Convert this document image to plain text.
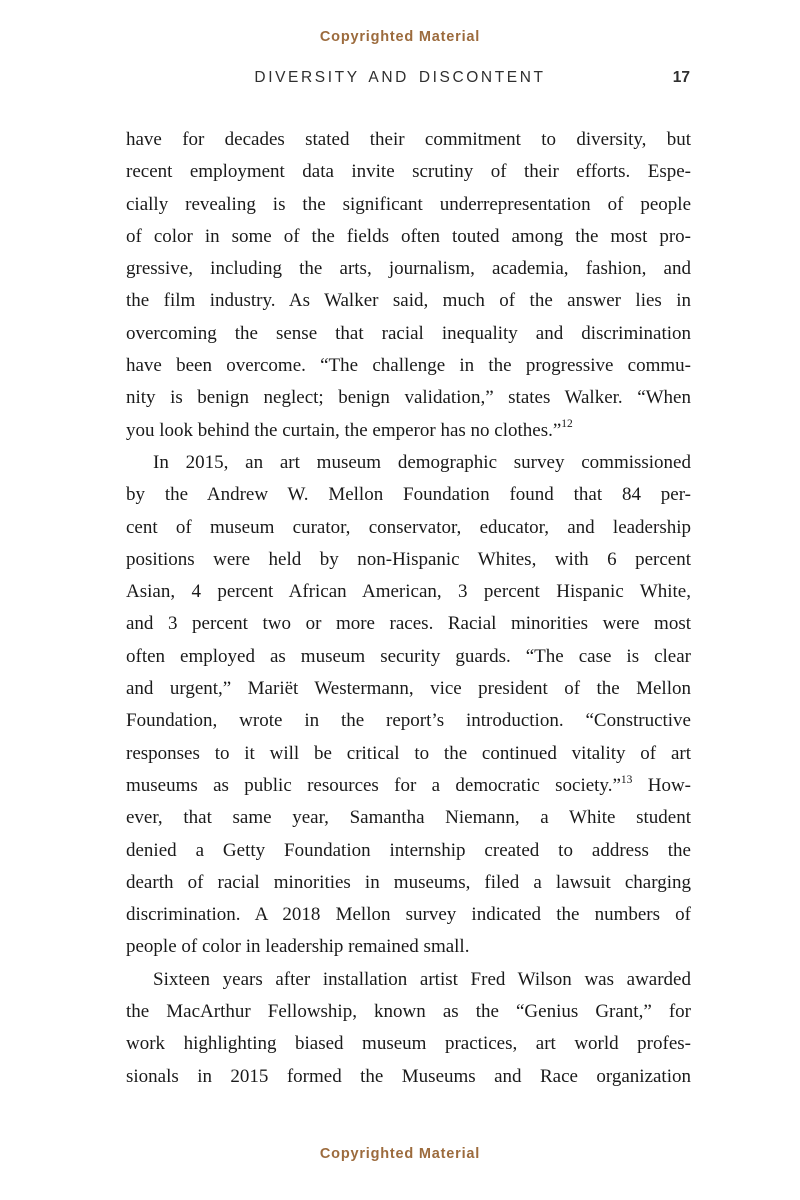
Copyrighted Material
DIVERSITY AND DISCONTENT	17
have for decades stated their commitment to diversity, but
recent employment data invite scrutiny of their efforts. Espe-
cially revealing is the significant underrepresentation of people
of color in some of the fields often touted among the most pro-
gressive, including the arts, journalism, academia, fashion, and
the film industry. As Walker said, much of the answer lies in
overcoming the sense that racial inequality and discrimination
have been overcome. “The challenge in the progressive commu-
nity is benign neglect; benign validation,” states Walker. “When
you look behind the curtain, the emperor has no clothes.”$^{12}$
In 2015, an art museum demographic survey commissioned
by the Andrew W. Mellon Foundation found that 84 per-
cent of museum curator, conservator, educator, and leadership
positions were held by non-Hispanic Whites, with 6 percent
Asian, 4 percent African American, 3 percent Hispanic White,
and 3 percent two or more races. Racial minorities were most
often employed as museum security guards. “The case is clear
and urgent,” Mariët Westermann, vice president of the Mellon
Foundation, wrote in the report’s introduction. “Constructive
responses to it will be critical to the continued vitality of art
museums as public resources for a democratic society.”$^{13}$ How-
ever, that same year, Samantha Niemann, a White student
denied a Getty Foundation internship created to address the
dearth of racial minorities in museums, filed a lawsuit charging
discrimination. A 2018 Mellon survey indicated the numbers of
people of color in leadership remained small.
Sixteen years after installation artist Fred Wilson was awarded
the MacArthur Fellowship, known as the “Genius Grant,” for
work highlighting biased museum practices, art world profes-
sionals in 2015 formed the Museums and Race organization
Copyrighted Material
